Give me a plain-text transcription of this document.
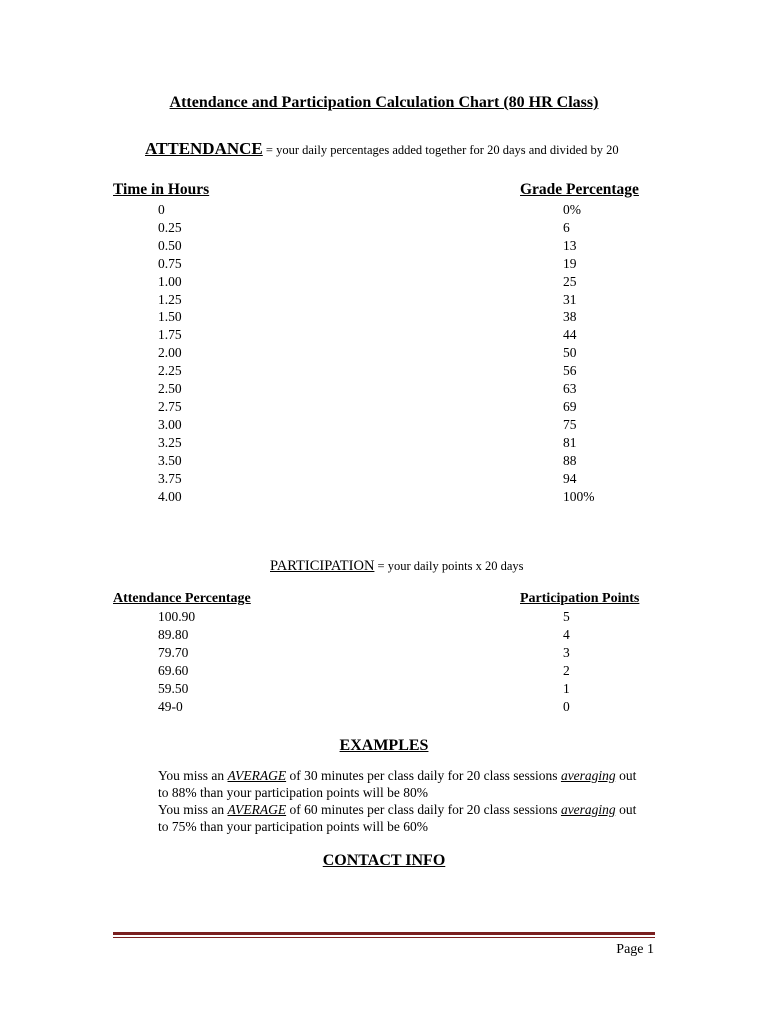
Attendance and Participation Calculation Chart (80 HR Class)
ATTENDANCE = your daily percentages added together for 20 days and divided by 20
Time in Hours	Grade Percentage
0
0.25
0.50
0.75
1.00
1.25
1.50
1.75
2.00
2.25
2.50
2.75
3.00
3.25
3.50
3.75
4.00
0%
6
13
19
25
31
38
44
50
56
63
69
75
81
88
94
100%
PARTICIPATION = your daily points x 20 days
Attendance Percentage	Participation Points
100.90
89.80
79.70
69.60
59.50
49-0
5
4
3
2
1
0
EXAMPLES
You miss an AVERAGE of 30 minutes per class daily for 20 class sessions averaging out
to 88% than your participation points will be 80%
You miss an AVERAGE of 60 minutes per class daily for 20 class sessions averaging out
to 75% than your participation points will be 60%
CONTACT INFO
Page 1
